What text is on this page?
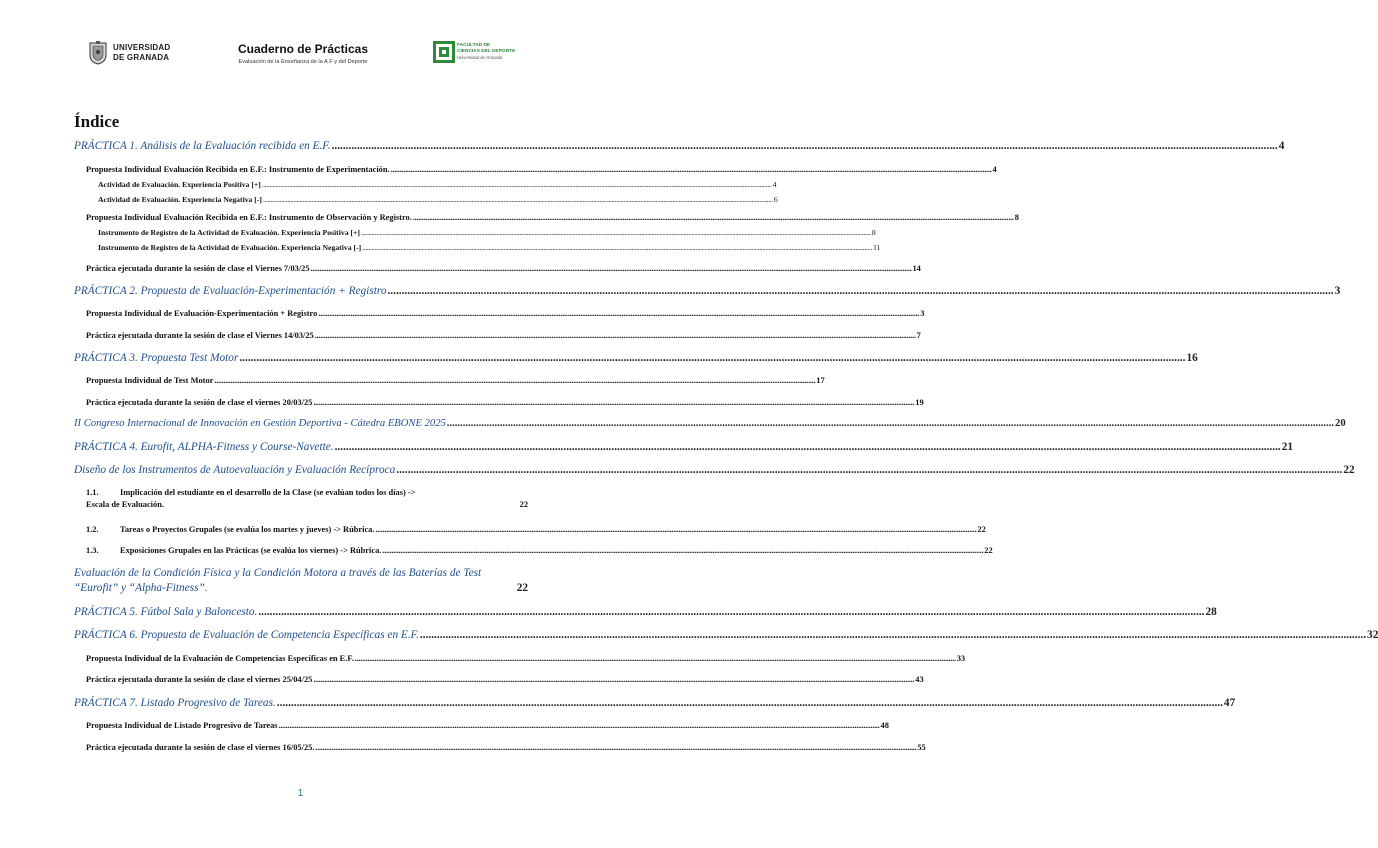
UNIVERSIDAD
DE GRANADA
Cuaderno de Prácticas
Evaluación de la Enseñanza de la A.F y del Deporte
FACULTAD DE
CIENCIAS DEL DEPORTE
Universidad de Granada
Índice
PRÁCTICA 1. Análisis de la Evaluación recibida en E.F. .....	4
Propuesta Individual Evaluación Recibida en E.F.: Instrumento de Experimentación. .....	4
Actividad de Evaluación. Experiencia Positiva [+] .....	4
Actividad de Evaluación. Experiencia Negativa [-] .....	6
Propuesta Individual Evaluación Recibida en E.F.: Instrumento de Observación y Registro. .....	8
Instrumento de Registro de la Actividad de Evaluación. Experiencia Positiva [+] .....	8
Instrumento de Registro de la Actividad de Evaluación. Experiencia Negativa [-] .....	11
Práctica ejecutada durante la sesión de clase el Viernes 7/03/25 .....	14
PRÁCTICA 2. Propuesta de Evaluación-Experimentación + Registro .....	3
Propuesta Individual de Evaluación-Experimentación + Registro .....	3
Práctica ejecutada durante la sesión de clase el Viernes 14/03/25 .....	7
PRÁCTICA 3. Propuesta Test Motor .....	16
Propuesta Individual de Test Motor .....	17
Práctica ejecutada durante la sesión de clase el viernes 20/03/25 .....	19
II Congreso Internacional de Innovación en Gestión Deportiva - Cátedra EBONE 2025 .....	20
PRÁCTICA 4. Eurofit, ALPHA-Fitness y Course-Navette. .....	21
Diseño de los Instrumentos de Autoevaluación y Evaluación Recíproca .....	22
1.1.	Implicación del estudiante en el desarrollo de la Clase (se evalúan todos los días) ->
Escala de Evaluación.	22
1.2.	Tareas o Proyectos Grupales (se evalúa los martes y jueves) -> Rúbrica. .....	22
1.3.	Exposiciones Grupales en las Prácticas (se evalúa los viernes) -> Rúbrica. .....	22
Evaluación de la Condición Física y la Condición Motora a través de las Baterías de Test
“Eurofit” y “Alpha-Fitness”.	22
PRÁCTICA 5. Fútbol Sala y Baloncesto. .....	28
PRÁCTICA 6. Propuesta de Evaluación de Competencia Específicas en E.F. .....	32
Propuesta Individual de la Evaluación de Competencias Específicas en E.F. .....	33
Práctica ejecutada durante la sesión de clase el viernes 25/04/25 .....	43
PRÁCTICA 7. Listado Progresivo de Tareas. .....	47
Propuesta Individual de Listado Progresivo de Tareas .....	48
Práctica ejecutada durante la sesión de clase el viernes 16/05/25. .....	55
1
